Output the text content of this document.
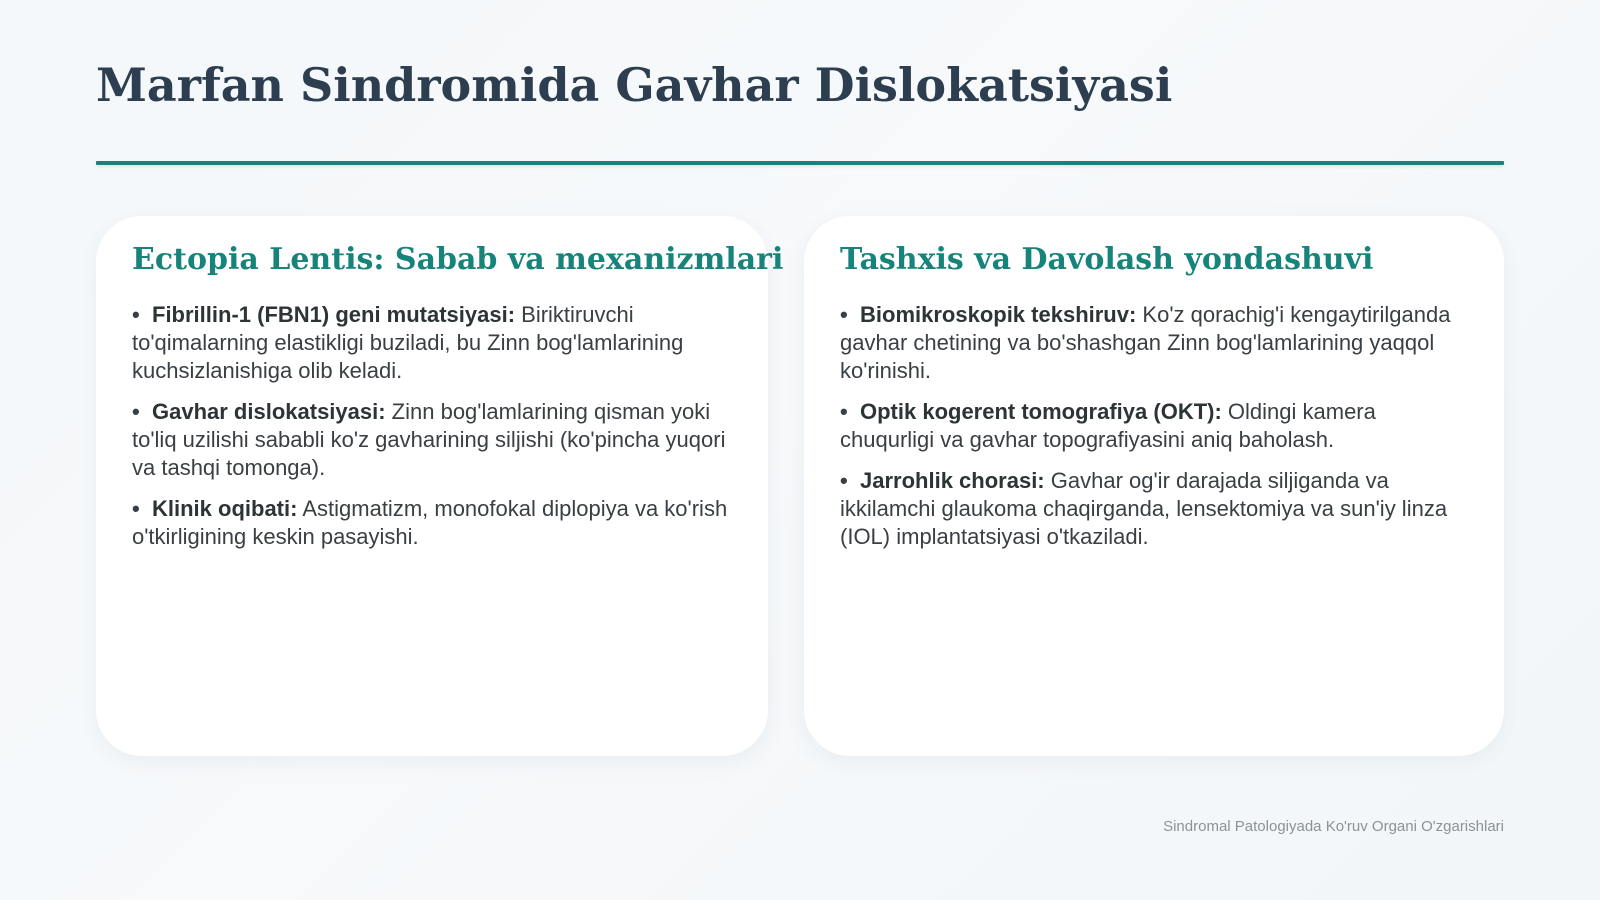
Marfan Sindromida Gavhar Dislokatsiyasi
Ectopia Lentis: Sabab va mexanizmlari
• Fibrillin-1 (FBN1) geni mutatsiyasi: Biriktiruvchi to'qimalarning elastikligi buziladi, bu Zinn bog'lamlarining kuchsizlanishiga olib keladi.
• Gavhar dislokatsiyasi: Zinn bog'lamlarining qisman yoki to'liq uzilishi sababli ko'z gavharining siljishi (ko'pincha yuqori va tashqi tomonga).
• Klinik oqibati: Astigmatizm, monofokal diplopiya va ko'rish o'tkirligining keskin pasayishi.
Tashxis va Davolash yondashuvi
• Biomikroskopik tekshiruv: Ko'z qorachig'i kengaytirilganda gavhar chetining va bo'shashgan Zinn bog'lamlarining yaqqol ko'rinishi.
• Optik kogerent tomografiya (OKT): Oldingi kamera chuqurligi va gavhar topografiyasini aniq baholash.
• Jarrohlik chorasi: Gavhar og'ir darajada siljiganda va ikkilamchi glaukoma chaqirganda, lensektomiya va sun'iy linza (IOL) implantatsiyasi o'tkaziladi.
Sindromal Patologiyada Ko'ruv Organi O'zgarishlari
